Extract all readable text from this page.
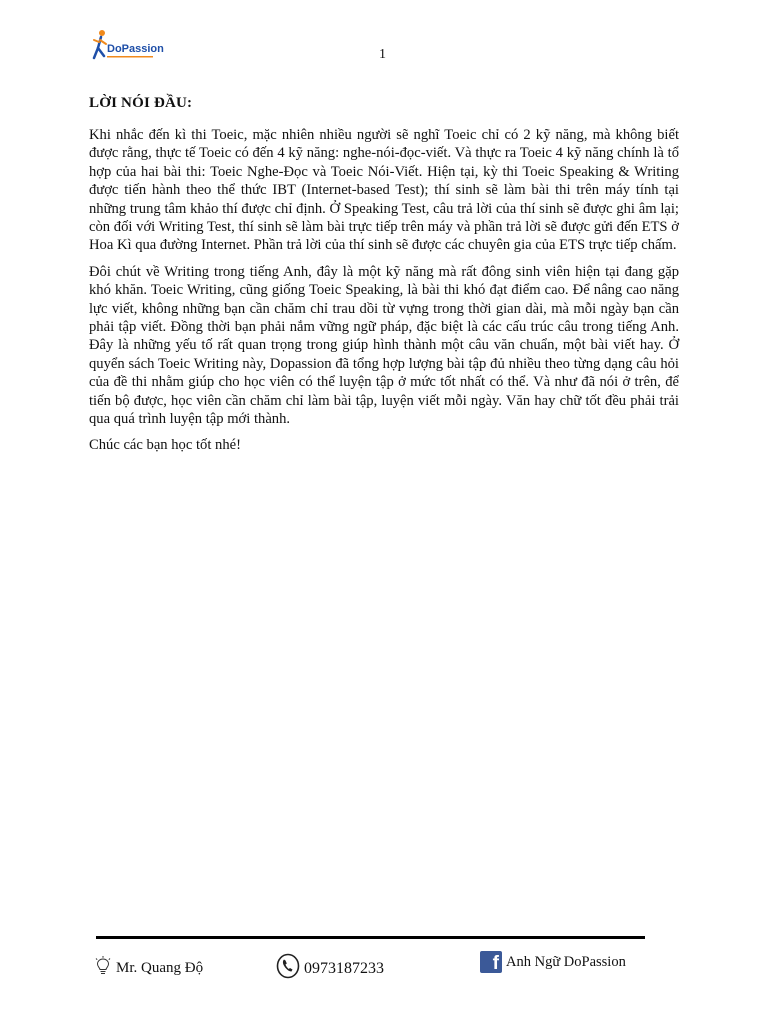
DoPassion	1
LỜI NÓI ĐẦU:

Khi nhắc đến kì thi Toeic, mặc nhiên nhiều người sẽ nghĩ Toeic chỉ có 2 kỹ năng, mà không biết được rằng, thực tế Toeic có đến 4 kỹ năng: nghe-nói-đọc-viết. Và thực ra Toeic 4 kỹ năng chính là tổ hợp của hai bài thi: Toeic Nghe-Đọc và Toeic Nói-Viết. Hiện tại, kỳ thi Toeic Speaking & Writing được tiến hành theo thể thức IBT (Internet-based Test); thí sinh sẽ làm bài thi trên máy tính tại những trung tâm khảo thí được chỉ định. Ở Speaking Test, câu trả lời của thí sinh sẽ được ghi âm lại; còn đối với Writing Test, thí sinh sẽ làm bài trực tiếp trên máy và phần trả lời sẽ được gửi đến ETS ở Hoa Kì qua đường Internet. Phần trả lời của thí sinh sẽ được các chuyên gia của ETS trực tiếp chấm.

Đôi chút về Writing trong tiếng Anh, đây là một kỹ năng mà rất đông sinh viên hiện tại đang gặp khó khăn. Toeic Writing, cũng giống Toeic Speaking, là bài thi khó đạt điểm cao. Để nâng cao năng lực viết, không những bạn cần chăm chỉ trau dồi từ vựng trong thời gian dài, mà mỗi ngày bạn cần phải tập viết. Đồng thời bạn phải nắm vững ngữ pháp, đặc biệt là các cấu trúc câu trong tiếng Anh. Đây là những yếu tố rất quan trọng trong giúp hình thành một câu văn chuẩn, một bài viết hay. Ở quyển sách Toeic Writing này, Dopassion đã tổng hợp lượng bài tập đủ nhiều theo từng dạng câu hỏi của đề thi nhằm giúp cho học viên có thể luyện tập ở mức tốt nhất có thể. Và như đã nói ở trên, để tiến bộ được, học viên cần chăm chỉ làm bài tập, luyện viết mỗi ngày. Văn hay chữ tốt đều phải trải qua quá trình luyện tập mới thành.

Chúc các bạn học tốt nhé!
Mr. Quang Độ	0973187233	f Anh Ngữ DoPassion
